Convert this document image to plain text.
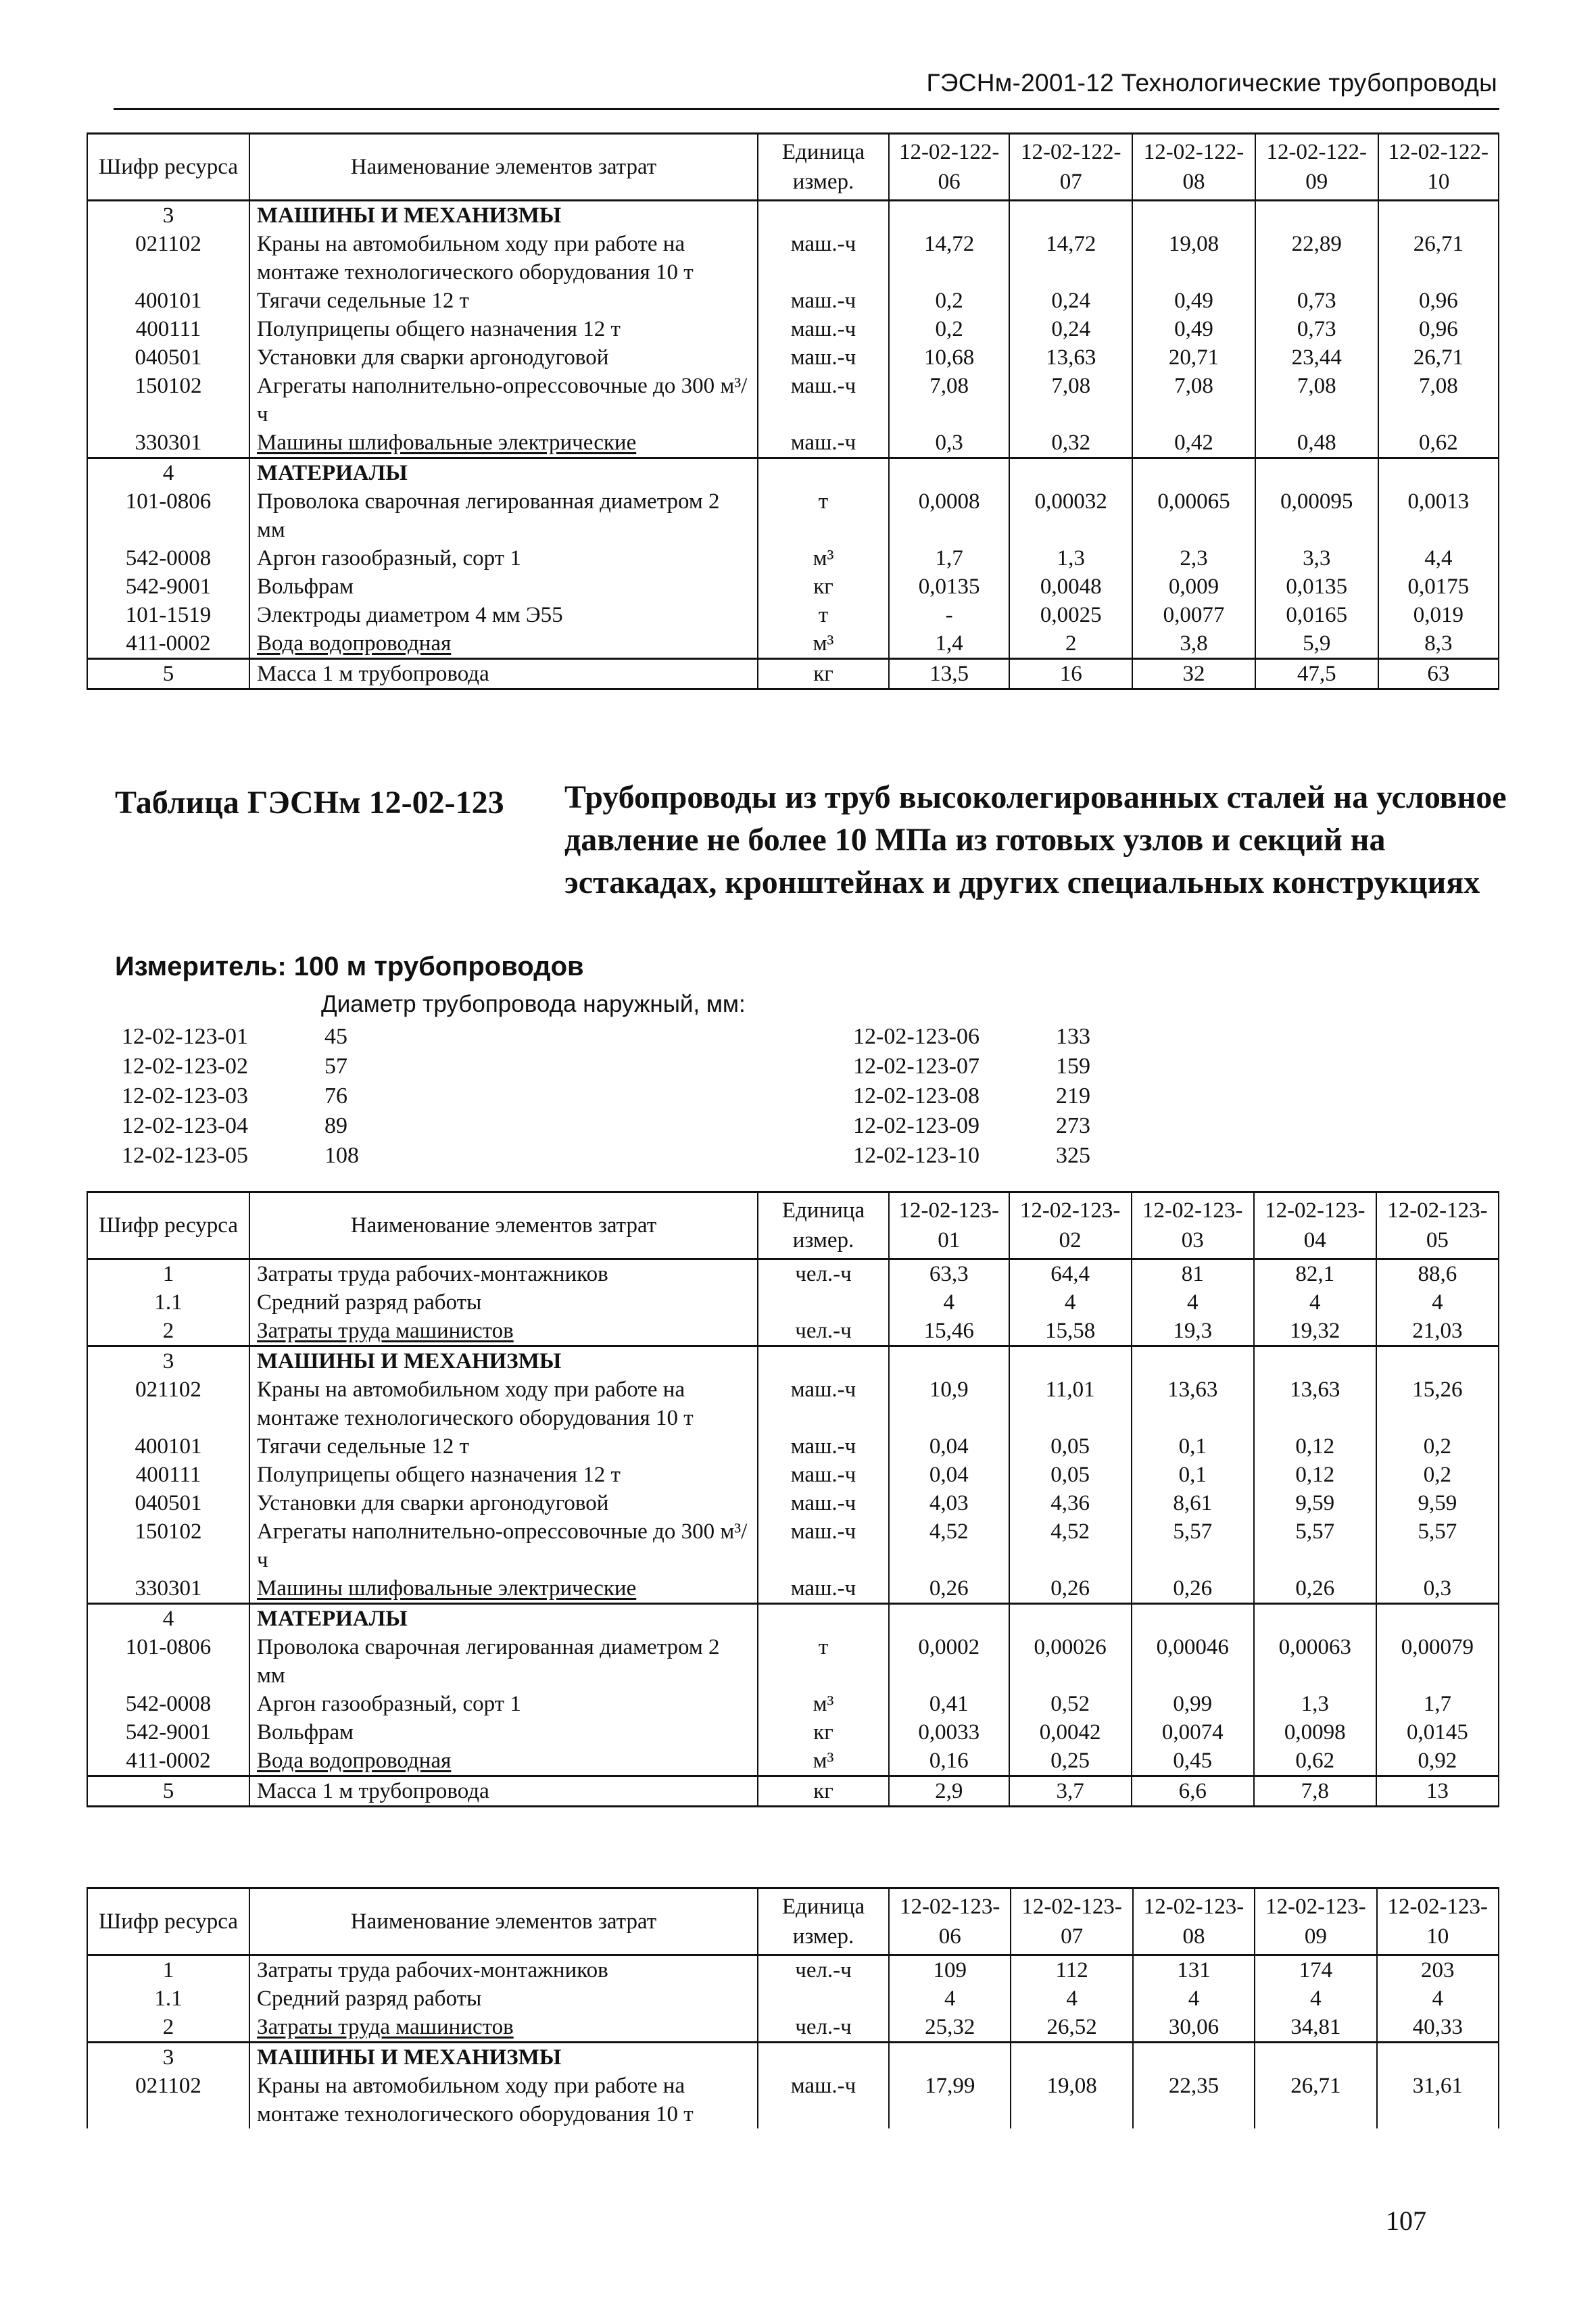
ГЭСНм-2001-12 Технологические трубопроводы
Шифр ресурса	Наименование элементов затрат	Единица измер.	12-02-122-06	12-02-122-07	12-02-122-08	12-02-122-09	12-02-122-10
3	МАШИНЫ И МЕХАНИЗМЫ						
021102	Краны на автомобильном ходу при работе на монтаже технологического оборудования 10 т	маш.-ч	14,72	14,72	19,08	22,89	26,71
400101	Тягачи седельные 12 т	маш.-ч	0,2	0,24	0,49	0,73	0,96
400111	Полуприцепы общего назначения 12 т	маш.-ч	0,2	0,24	0,49	0,73	0,96
040501	Установки для сварки аргонодуговой	маш.-ч	10,68	13,63	20,71	23,44	26,71
150102	Агрегаты наполнительно-опрессовочные до 300 м³/ч	маш.-ч	7,08	7,08	7,08	7,08	7,08
330301	Машины шлифовальные электрические	маш.-ч	0,3	0,32	0,42	0,48	0,62
4	МАТЕРИАЛЫ						
101-0806	Проволока сварочная легированная диаметром 2 мм	т	0,0008	0,00032	0,00065	0,00095	0,0013
542-0008	Аргон газообразный, сорт 1	м³	1,7	1,3	2,3	3,3	4,4
542-9001	Вольфрам	кг	0,0135	0,0048	0,009	0,0135	0,0175
101-1519	Электроды диаметром 4 мм Э55	т	-	0,0025	0,0077	0,0165	0,019
411-0002	Вода водопроводная	м³	1,4	2	3,8	5,9	8,3
5	Масса 1 м трубопровода	кг	13,5	16	32	47,5	63
Таблица ГЭСНм 12-02-123 Трубопроводы из труб высоколегированных сталей на условное давление не более 10 МПа из готовых узлов и секций на эстакадах, кронштейнах и других специальных конструкциях
Измеритель: 100 м трубопроводов
Диаметр трубопровода наружный, мм:
12-02-123-01	45
12-02-123-02	57
12-02-123-03	76
12-02-123-04	89
12-02-123-05	108
12-02-123-06	133
12-02-123-07	159
12-02-123-08	219
12-02-123-09	273
12-02-123-10	325
Шифр ресурса	Наименование элементов затрат	Единица измер.	12-02-123-01	12-02-123-02	12-02-123-03	12-02-123-04	12-02-123-05
1	Затраты труда рабочих-монтажников	чел.-ч	63,3	64,4	81	82,1	88,6
1.1	Средний разряд работы		4	4	4	4	4
2	Затраты труда машинистов	чел.-ч	15,46	15,58	19,3	19,32	21,03
3	МАШИНЫ И МЕХАНИЗМЫ						
021102	Краны на автомобильном ходу при работе на монтаже технологического оборудования 10 т	маш.-ч	10,9	11,01	13,63	13,63	15,26
400101	Тягачи седельные 12 т	маш.-ч	0,04	0,05	0,1	0,12	0,2
400111	Полуприцепы общего назначения 12 т	маш.-ч	0,04	0,05	0,1	0,12	0,2
040501	Установки для сварки аргонодуговой	маш.-ч	4,03	4,36	8,61	9,59	9,59
150102	Агрегаты наполнительно-опрессовочные до 300 м³/ч	маш.-ч	4,52	4,52	5,57	5,57	5,57
330301	Машины шлифовальные электрические	маш.-ч	0,26	0,26	0,26	0,26	0,3
4	МАТЕРИАЛЫ						
101-0806	Проволока сварочная легированная диаметром 2 мм	т	0,0002	0,00026	0,00046	0,00063	0,00079
542-0008	Аргон газообразный, сорт 1	м³	0,41	0,52	0,99	1,3	1,7
542-9001	Вольфрам	кг	0,0033	0,0042	0,0074	0,0098	0,0145
411-0002	Вода водопроводная	м³	0,16	0,25	0,45	0,62	0,92
5	Масса 1 м трубопровода	кг	2,9	3,7	6,6	7,8	13
Шифр ресурса	Наименование элементов затрат	Единица измер.	12-02-123-06	12-02-123-07	12-02-123-08	12-02-123-09	12-02-123-10
1	Затраты труда рабочих-монтажников	чел.-ч	109	112	131	174	203
1.1	Средний разряд работы		4	4	4	4	4
2	Затраты труда машинистов	чел.-ч	25,32	26,52	30,06	34,81	40,33
3	МАШИНЫ И МЕХАНИЗМЫ						
021102	Краны на автомобильном ходу при работе на монтаже технологического оборудования 10 т	маш.-ч	17,99	19,08	22,35	26,71	31,61
107
